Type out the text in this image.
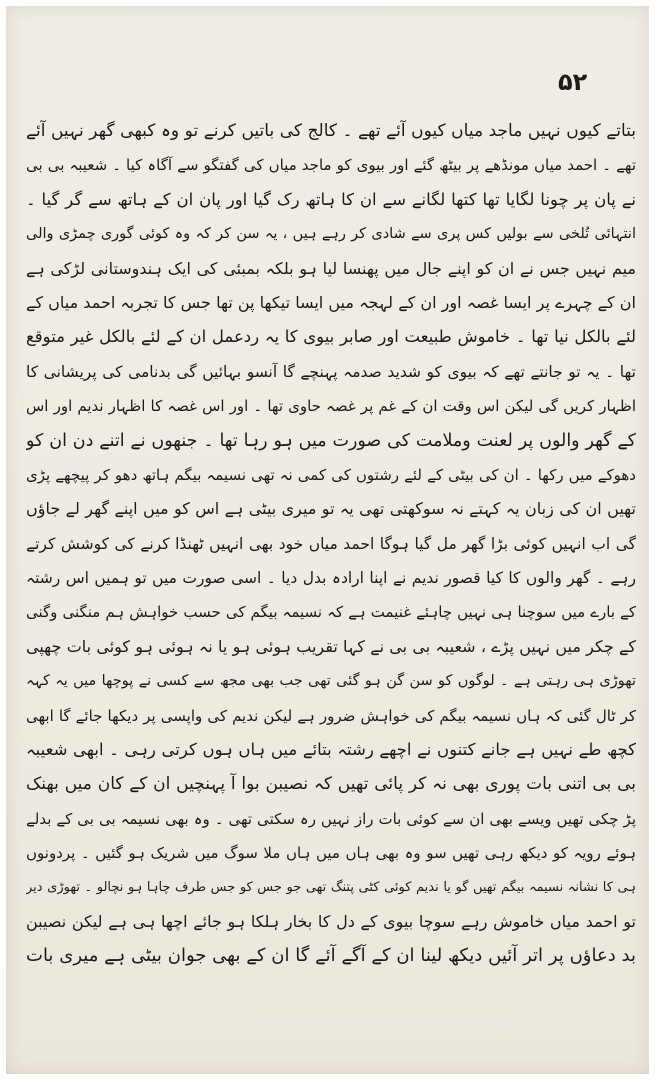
۵۲
بتاتے کیوں نہیں ماجد میاں کیوں آئے تھے ۔ کالج کی باتیں کرنے تو وہ کبھی گھر نہیں آئے
تھے ۔ احمد میاں مونڈھے پر بیٹھ گئے اور بیوی کو ماجد میاں کی گفتگو سے آگاہ کیا ۔ شعیبہ بی بی
نے پان پر چونا لگایا تھا کتھا لگانے سے ان کا ہاتھ رک گیا اور پان ان کے ہاتھ سے گر گیا ۔
انتہائی تُلخی سے بولیں کس پری سے شادی کر رہے ہیں ، یہ سن کر کہ وہ کوئی گوری چمڑی والی
میم نہیں جس نے ان کو اپنے جال میں پھنسا لیا ہو بلکہ بمبئی کی ایک ہندوستانی لڑکی ہے
ان کے چہرے پر ایسا غصہ اور ان کے لہجہ میں ایسا تیکھا پن تھا جس کا تجربہ احمد میاں کے
لئے بالکل نیا تھا ۔ خاموش طبیعت اور صابر بیوی کا یہ ردعمل ان کے لئے بالکل غیر متوقع
تھا ۔ یہ تو جانتے تھے کہ بیوی کو شدید صدمہ پہنچے گا آنسو بہائیں گی بدنامی کی پریشانی کا
اظہار کریں گی لیکن اس وقت ان کے غم پر غصہ حاوی تھا ۔ اور اس غصہ کا اظہار ندیم اور اس
کے گھر والوں پر لعنت وملامت کی صورت میں ہو رہا تھا ۔ جنھوں نے اتنے دن ان کو
دھوکے میں رکھا ۔ ان کی بیٹی کے لئے رشتوں کی کمی نہ تھی نسیمہ بیگم ہاتھ دھو کر پیچھے پڑی
تھیں ان کی زبان یہ کہتے نہ سوکھتی تھی یہ تو میری بیٹی ہے اس کو میں اپنے گھر لے جاؤں
گی اب انہیں کوئی بڑا گھر مل گیا ہوگا احمد میاں خود بھی انہیں ٹھنڈا کرنے کی کوشش کرتے
رہے ۔ گھر والوں کا کیا قصور ندیم نے اپنا ارادہ بدل دیا ۔ اسی صورت میں تو ہمیں اس رشتہ
کے بارے میں سوچنا ہی نہیں چاہئے غنیمت ہے کہ نسیمہ بیگم کی حسب خواہش ہم منگنی وگنی
کے چکر میں نہیں پڑے ، شعیبہ بی بی نے کہا تقریب ہوئی ہو یا نہ ہوئی ہو کوئی بات چھپی
تھوڑی ہی رہتی ہے ۔ لوگوں کو سن گن ہو گئی تھی جب بھی مجھ سے کسی نے پوچھا میں یہ کہہ
کر ٹال گئی کہ ہاں نسیمہ بیگم کی خواہش ضرور ہے لیکن ندیم کی واپسی پر دیکھا جائے گا ابھی
کچھ طے نہیں ہے جانے کتنوں نے اچھے رشتہ بتائے میں ہاں ہوں کرتی رہی ۔ ابھی شعیبہ
بی بی اتنی بات پوری بھی نہ کر پائی تھیں کہ نصیبن بوا آ پہنچیں ان کے کان میں بھنک
پڑ چکی تھیں ویسے بھی ان سے کوئی بات راز نہیں رہ سکتی تھی ۔ وہ بھی نسیمہ بی بی کے بدلے
ہوئے رویہ کو دیکھ رہی تھیں سو وہ بھی ہاں میں ہاں ملا سوگ میں شریک ہو گئیں ۔ پردونوں
ہی کا نشانہ نسیمہ بیگم تھیں گو یا ندیم کوئی کٹی پتنگ تھی جو جس کو جس طرف چاہا ہو نچالو ۔ تھوڑی دیر
تو احمد میاں خاموش رہے سوچا بیوی کے دل کا بخار ہلکا ہو جائے اچھا ہی ہے لیکن نصیبن
بد دعاؤں پر اتر آئیں دیکھ لینا ان کے آگے آئے گا ان کے بھی جوان بیٹی ہے میری بات
